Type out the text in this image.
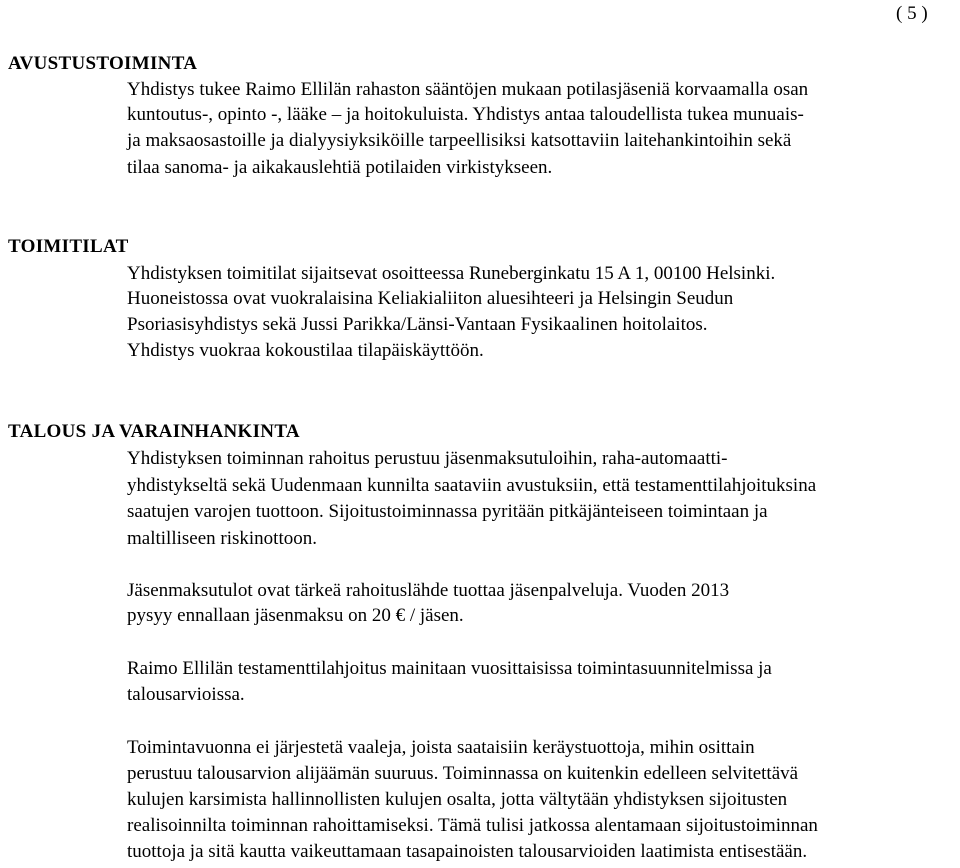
( 5 )
AVUSTUSTOIMINTA
Yhdistys tukee Raimo Ellilän rahaston sääntöjen mukaan potilasjäseniä korvaamalla osan
kuntoutus-, opinto -, lääke – ja hoitokuluista. Yhdistys antaa taloudellista tukea munuais-
ja maksaosastoille ja dialyysiyksiköille tarpeellisiksi katsottaviin laitehankintoihin sekä
tilaa sanoma- ja aikakauslehtiä potilaiden virkistykseen.
TOIMITILAT
Yhdistyksen toimitilat sijaitsevat osoitteessa Runeberginkatu 15 A 1, 00100 Helsinki.
Huoneistossa ovat vuokralaisina Keliakialiiton aluesihteeri ja Helsingin Seudun
Psoriasisyhdistys sekä Jussi Parikka/Länsi-Vantaan Fysikaalinen hoitolaitos.
Yhdistys vuokraa kokoustilaa tilapäiskäyttöön.
TALOUS JA VARAINHANKINTA
Yhdistyksen toiminnan rahoitus perustuu jäsenmaksutuloihin, raha-automaatti-
yhdistykseltä sekä Uudenmaan kunnilta saataviin avustuksiin, että testamenttilahjoituksina
saatujen varojen tuottoon. Sijoitustoiminnassa pyritään pitkäjänteiseen toimintaan ja
maltilliseen riskinottoon.
Jäsenmaksutulot ovat tärkeä rahoituslähde tuottaa jäsenpalveluja. Vuoden 2013
pysyy ennallaan jäsenmaksu on 20 € / jäsen.
Raimo Ellilän testamenttilahjoitus mainitaan vuosittaisissa toimintasuunnitelmissa ja
talousarvioissa.
Toimintavuonna ei järjestetä vaaleja, joista saataisiin keräystuottoja, mihin osittain
perustuu talousarvion alijäämän suuruus. Toiminnassa on kuitenkin edelleen selvitettävä
kulujen karsimista hallinnollisten kulujen osalta, jotta vältytään yhdistyksen sijoitusten
realisoinnilta toiminnan rahoittamiseksi. Tämä tulisi jatkossa alentamaan sijoitustoiminnan
tuottoja ja sitä kautta vaikeuttamaan tasapainoisten talousarvioiden laatimista entisestään.
